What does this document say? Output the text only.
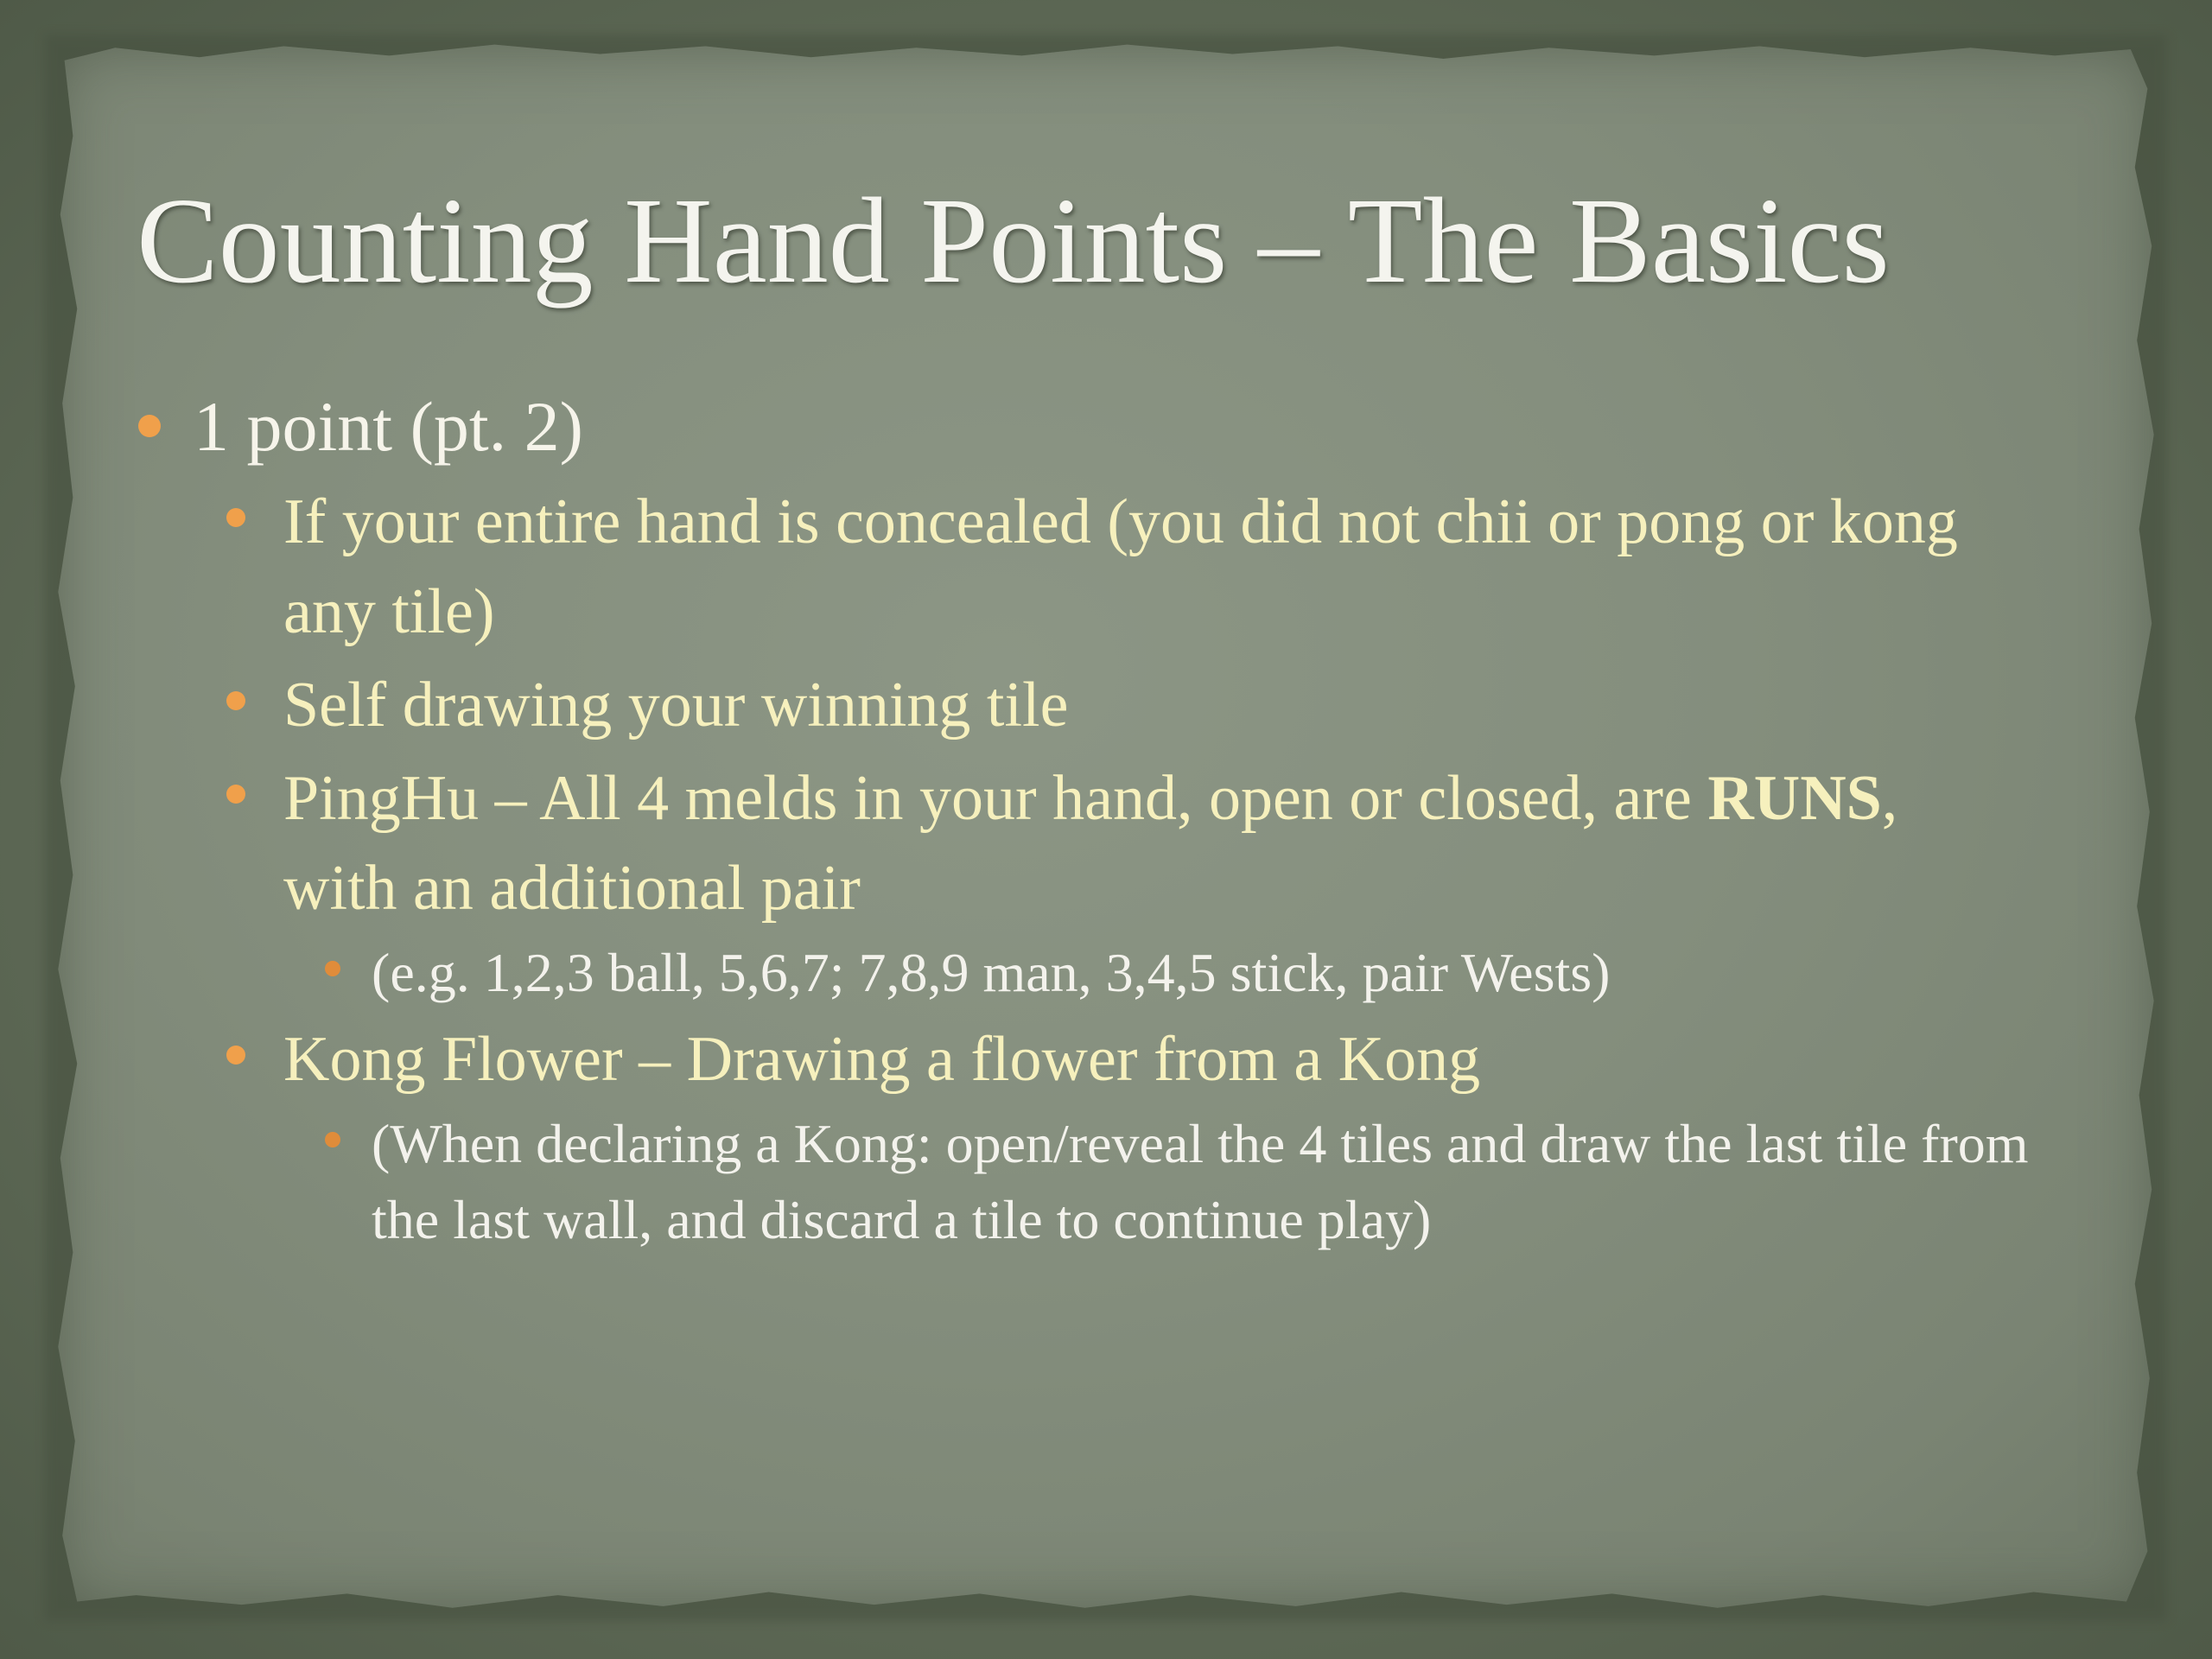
Counting Hand Points – The Basics
1 point (pt. 2)
If your entire hand is concealed (you did not chii or pong or kong any tile)
Self drawing your winning tile
PingHu – All 4 melds in your hand, open or closed, are RUNS, with an additional pair
(e.g. 1,2,3 ball, 5,6,7; 7,8,9 man, 3,4,5 stick, pair Wests)
Kong Flower – Drawing a flower from a Kong
(When declaring a Kong: open/reveal the 4 tiles and draw the last tile from the last wall, and discard a tile to continue play)
